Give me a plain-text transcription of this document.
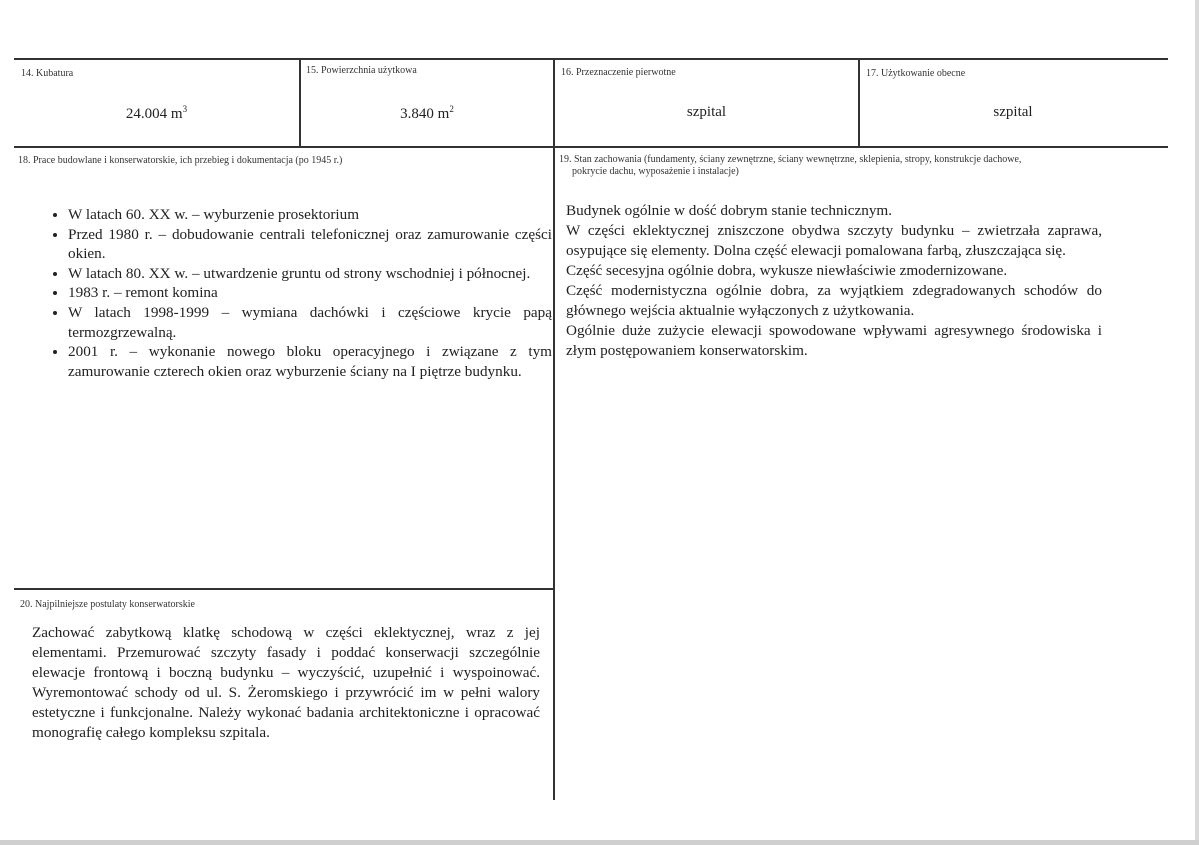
14. Kubatura
24.004 $m^3$
15. Powierzchnia użytkowa
3.840 $m^2$
16. Przeznaczenie pierwotne
szpital
17. Użytkowanie obecne
szpital
18. Prace budowlane i konserwatorskie, ich przebieg i dokumentacja (po 1945 r.)
• W latach 60. XX w. – wyburzenie prosektorium
• Przed 1980 r. – dobudowanie centrali telefonicznej oraz zamurowanie części okien.
• W latach 80. XX w. – utwardzenie gruntu od strony wschodniej i północnej.
• 1983 r. – remont komina
• W latach 1998-1999 – wymiana dachówki i częściowe krycie papą termozgrzewalną.
• 2001 r. – wykonanie nowego bloku operacyjnego i związane z tym zamurowanie czterech okien oraz wyburzenie ściany na I piętrze budynku.
19. Stan zachowania (fundamenty, ściany zewnętrzne, ściany wewnętrzne, sklepienia, stropy, konstrukcje dachowe,
pokrycie dachu, wyposażenie i instalacje)
Budynek ogólnie w dość dobrym stanie technicznym.
W części eklektycznej zniszczone obydwa szczyty budynku – zwietrzała zaprawa, osypujące się elementy. Dolna część elewacji pomalowana farbą, złuszczająca się.
Część secesyjna ogólnie dobra, wykusze niewłaściwie zmodernizowane.
Część modernistyczna ogólnie dobra, za wyjątkiem zdegradowanych schodów do głównego wejścia aktualnie wyłączonych z użytkowania.
Ogólnie duże zużycie elewacji spowodowane wpływami agresywnego środowiska i złym postępowaniem konserwatorskim.
20. Najpilniejsze postulaty konserwatorskie
Zachować zabytkową klatkę schodową w części eklektycznej, wraz z jej elementami. Przemurować szczyty fasady i poddać konserwacji szczególnie elewacje frontową i boczną budynku – wyczyścić, uzupełnić i wyspoinować. Wyremontować schody od ul. S. Żeromskiego i przywrócić im w pełni walory estetyczne i funkcjonalne. Należy wykonać badania architektoniczne i opracować monografię całego kompleksu szpitala.
